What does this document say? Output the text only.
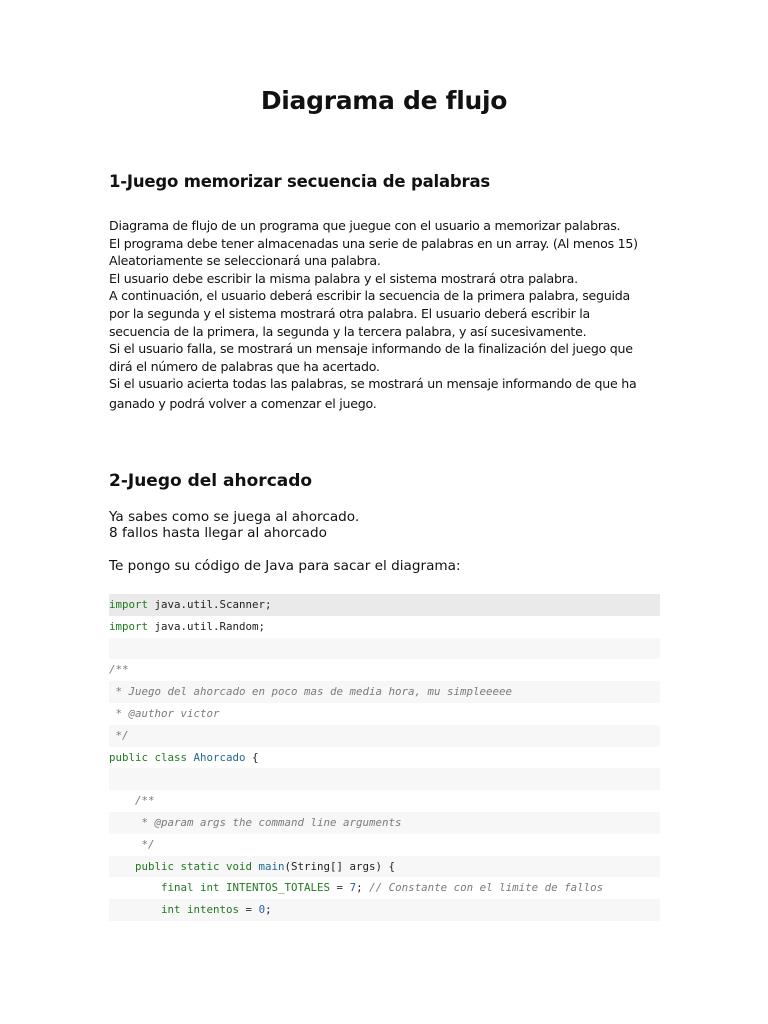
Diagrama de flujo
1-Juego memorizar secuencia de palabras
Diagrama de flujo de un programa que juegue con el usuario a memorizar palabras.
El programa debe tener almacenadas una serie de palabras en un array. (Al menos 15)
Aleatoriamente se seleccionará una palabra.
El usuario debe escribir la misma palabra y el sistema mostrará otra palabra.
A continuación, el usuario deberá escribir la secuencia de la primera palabra, seguida
por la segunda y el sistema mostrará otra palabra. El usuario deberá escribir la
secuencia de la primera, la segunda y la tercera palabra, y así sucesivamente.
Si el usuario falla, se mostrará un mensaje informando de la finalización del juego que
dirá el número de palabras que ha acertado.
Si el usuario acierta todas las palabras, se mostrará un mensaje informando de que ha
ganado y podrá volver a comenzar el juego.
2-Juego del ahorcado
Ya sabes como se juega al ahorcado.
8 fallos hasta llegar al ahorcado
Te pongo su código de Java para sacar el diagrama:
import java.util.Scanner;
import java.util.Random;
/**
* Juego del ahorcado en poco mas de media hora, mu simpleeeee
* @author victor
*/
public class Ahorcado {
/**
* @param args the command line arguments
*/
public static void main(String[] args) {
final int INTENTOS_TOTALES = 7; // Constante con el limite de fallos
int intentos = 0;
